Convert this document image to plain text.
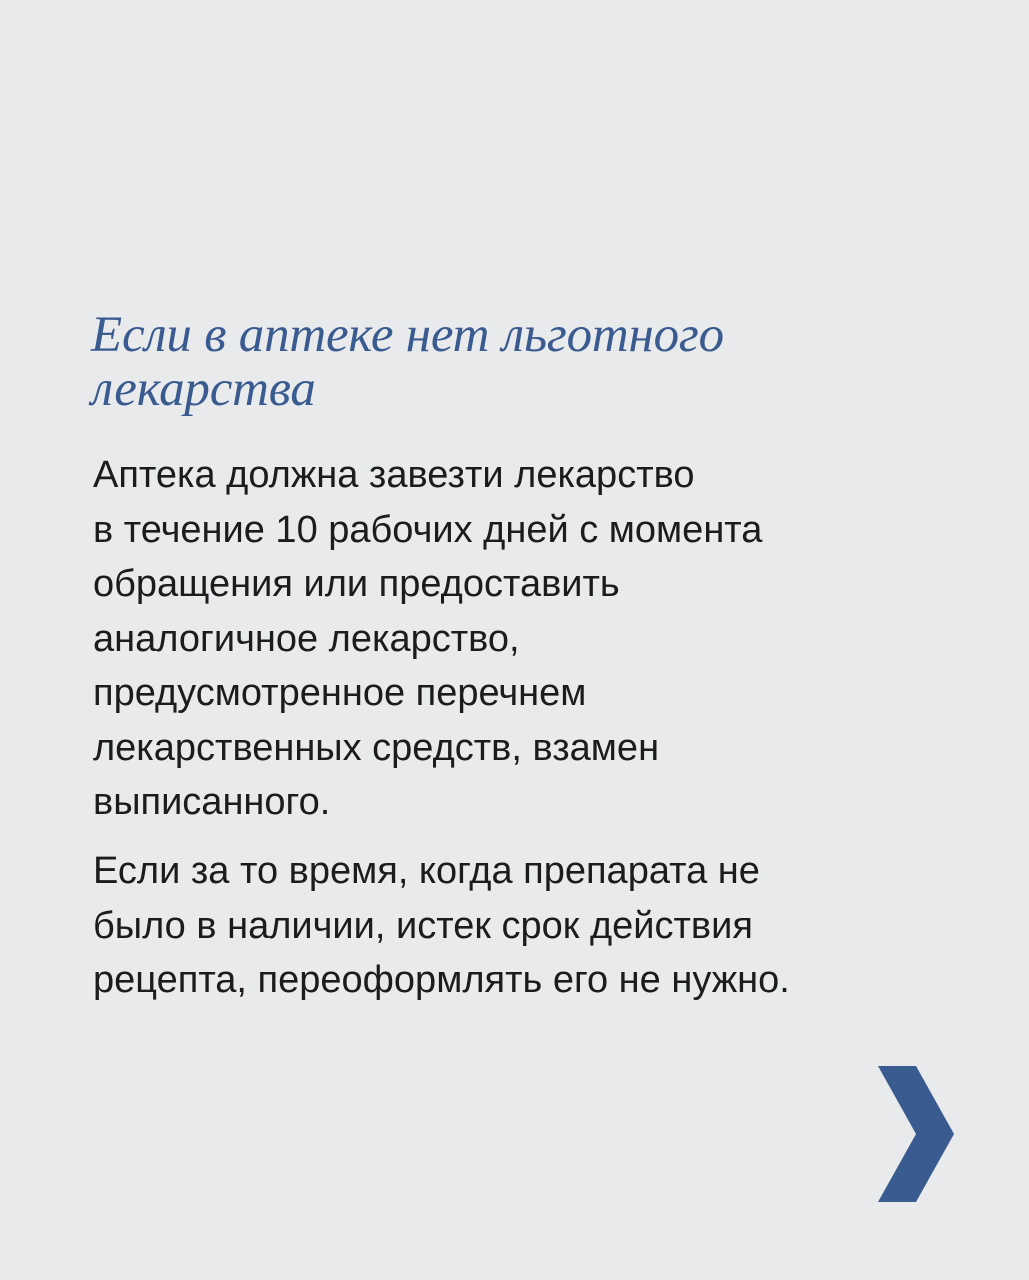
Если в аптеке нет льготного
лекарства

Аптека должна завезти лекарство
в течение 10 рабочих дней с момента
обращения или предоставить
аналогичное лекарство,
предусмотренное перечнем
лекарственных средств, взамен
выписанного.

Если за то время, когда препарата не
было в наличии, истек срок действия
рецепта, переоформлять его не нужно.
